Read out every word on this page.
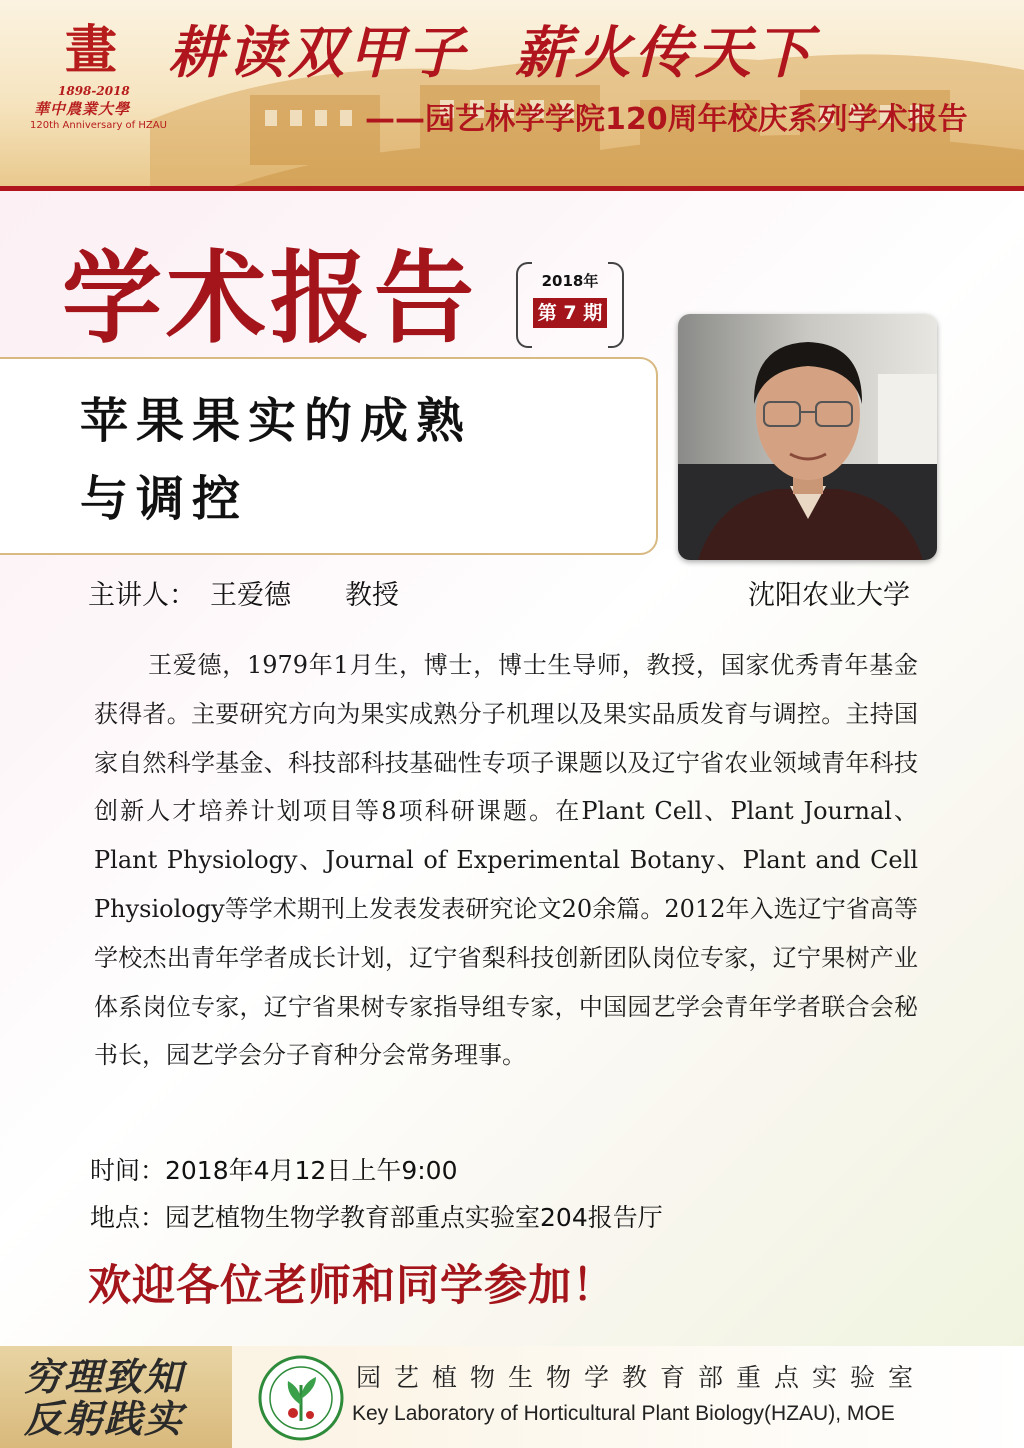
畫
1898-2018
華中農業大學
120th Anniversary of HZAU
耕读双甲子  薪火传天下
——园艺林学学院120周年校庆系列学术报告
学术报告	2018年
第 7 期
苹果果实的成熟
与调控
主讲人： 王爱德 教授	沈阳农业大学
王爱德，1979年1月生，博士，博士生导师，教授，国家优秀青年基金获得者。主要研究方向为果实成熟分子机理以及果实品质发育与调控。主持国家自然科学基金、科技部科技基础性专项子课题以及辽宁省农业领域青年科技创新人才培养计划项目等8项科研课题。在Plant Cell、Plant Journal、Plant Physiology、Journal of Experimental Botany、Plant and Cell Physiology等学术期刊上发表发表研究论文20余篇。2012年入选辽宁省高等学校杰出青年学者成长计划，辽宁省梨科技创新团队岗位专家，辽宁果树产业体系岗位专家，辽宁省果树专家指导组专家，中国园艺学会青年学者联合会秘书长，园艺学会分子育种分会常务理事。
时间：2018年4月12日上午9:00
地点：园艺植物生物学教育部重点实验室204报告厅
欢迎各位老师和同学参加！
穷理致知
反躬践实
园艺植物生物学教育部重点实验室
Key Laboratory of Horticultural Plant Biology(HZAU), MOE
